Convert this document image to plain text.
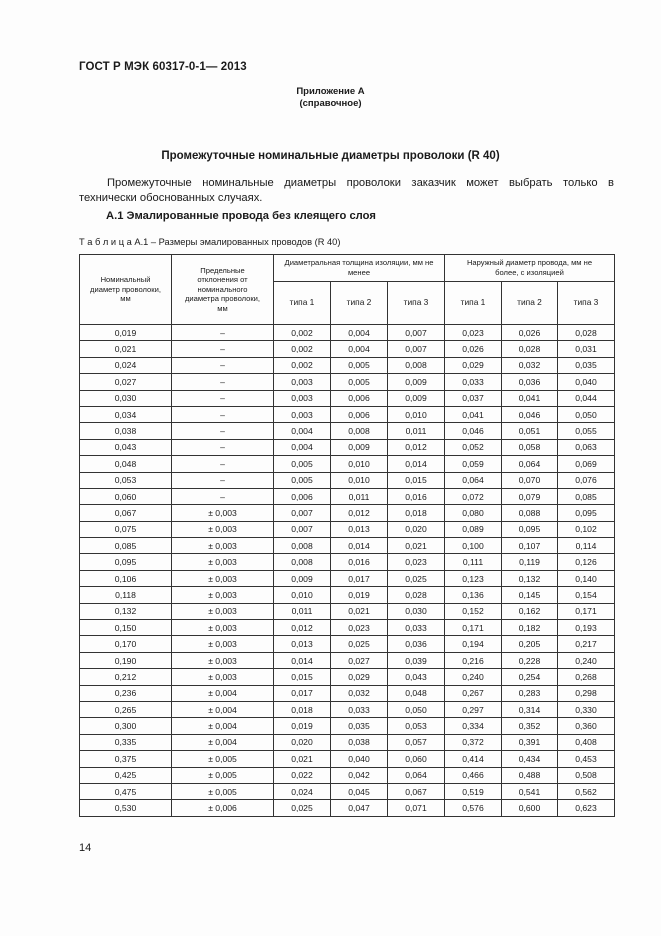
ГОСТ Р МЭК 60317-0-1— 2013
Приложение А
(справочное)
Промежуточные номинальные диаметры проволоки (R 40)
Промежуточные номинальные диаметры проволоки заказчик может выбрать только в технически обоснованных случаях.
А.1 Эмалированные провода без клеящего слоя
Т а б л и ц а А.1 – Размеры эмалированных проводов (R 40)
Номинальный диаметр проволоки, мм	Предельные отклонения от номинального диаметра проволоки, мм	Диаметральная толщина изоляции, мм не менее			Наружный диаметр провода, мм не более, с изоляцией		
		типа 1	типа 2	типа 3	типа 1	типа 2	типа 3
0,019	–	0,002	0,004	0,007	0,023	0,026	0,028
0,021	–	0,002	0,004	0,007	0,026	0,028	0,031
0,024	–	0,002	0,005	0,008	0,029	0,032	0,035
0,027	–	0,003	0,005	0,009	0,033	0,036	0,040
0,030	–	0,003	0,006	0,009	0,037	0,041	0,044
0,034	–	0,003	0,006	0,010	0,041	0,046	0,050
0,038	–	0,004	0,008	0,011	0,046	0,051	0,055
0,043	–	0,004	0,009	0,012	0,052	0,058	0,063
0,048	–	0,005	0,010	0,014	0,059	0,064	0,069
0,053	–	0,005	0,010	0,015	0,064	0,070	0,076
0,060	–	0,006	0,011	0,016	0,072	0,079	0,085
0,067	± 0,003	0,007	0,012	0,018	0,080	0,088	0,095
0,075	± 0,003	0,007	0,013	0,020	0,089	0,095	0,102
0,085	± 0,003	0,008	0,014	0,021	0,100	0,107	0,114
0,095	± 0,003	0,008	0,016	0,023	0,111	0,119	0,126
0,106	± 0,003	0,009	0,017	0,025	0,123	0,132	0,140
0,118	± 0,003	0,010	0,019	0,028	0,136	0,145	0,154
0,132	± 0,003	0,011	0,021	0,030	0,152	0,162	0,171
0,150	± 0,003	0,012	0,023	0,033	0,171	0,182	0,193
0,170	± 0,003	0,013	0,025	0,036	0,194	0,205	0,217
0,190	± 0,003	0,014	0,027	0,039	0,216	0,228	0,240
0,212	± 0,003	0,015	0,029	0,043	0,240	0,254	0,268
0,236	± 0,004	0,017	0,032	0,048	0,267	0,283	0,298
0,265	± 0,004	0,018	0,033	0,050	0,297	0,314	0,330
0,300	± 0,004	0,019	0,035	0,053	0,334	0,352	0,360
0,335	± 0,004	0,020	0,038	0,057	0,372	0,391	0,408
0,375	± 0,005	0,021	0,040	0,060	0,414	0,434	0,453
0,425	± 0,005	0,022	0,042	0,064	0,466	0,488	0,508
0,475	± 0,005	0,024	0,045	0,067	0,519	0,541	0,562
0,530	± 0,006	0,025	0,047	0,071	0,576	0,600	0,623
14
